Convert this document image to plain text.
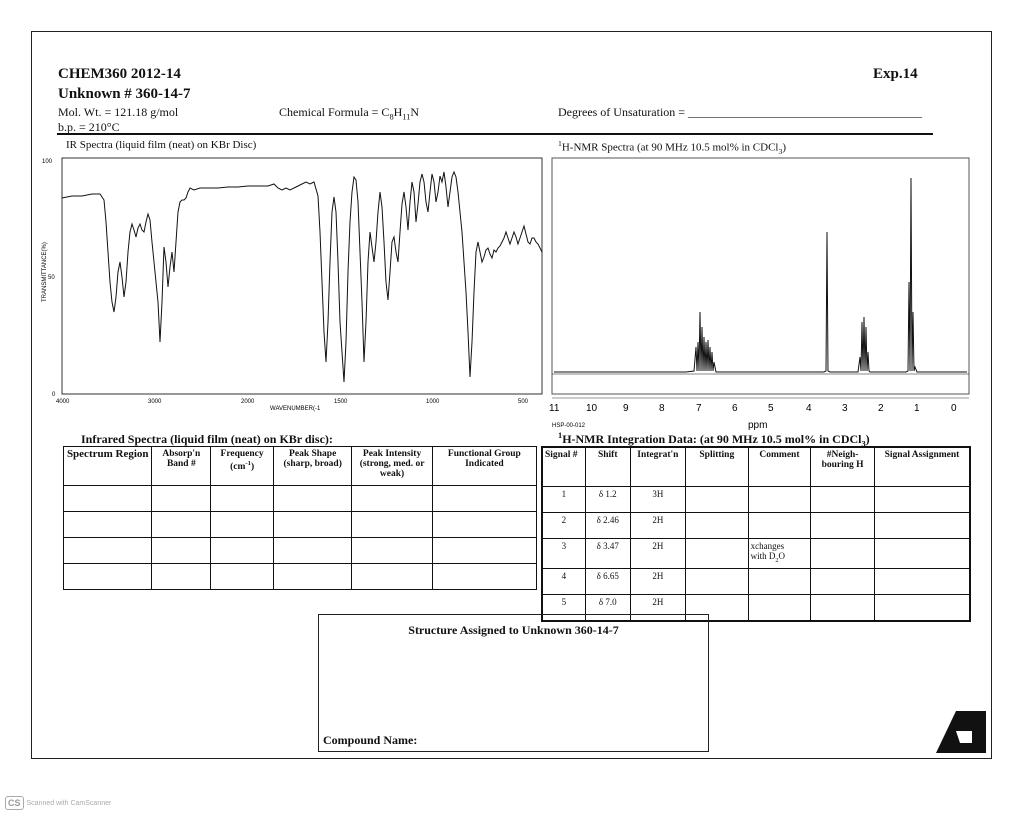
CHEM360 2012-14	Exp.14
Unknown # 360-14-7
Mol. Wt. = 121.18 g/mol	Chemical Formula = $C_8H_{11}N$	Degrees of Unsaturation = _______________________________________
b.p. = 210°C
IR Spectra (liquid film (neat) on KBr Disc)	$^1$H-NMR Spectra (at 90 MHz 10.5 mol% in CDCl$_3$)
100
50
0
TRANSMITTANCE(%)
4000	3000	2000	1500	1000	500
WAVENUMBER(-1	11	10	9	8	7	6	5	4	3	2	1	0
HSP-00-012	ppm
Infrared Spectra (liquid film (neat) on KBr disc):	$^1$H-NMR Integration Data: (at 90 MHz 10.5 mol% in CDCl$_3$)
Spectrum Region	Absorp'n Band #	Frequency $(cm^{-1})$	Peak Shape (sharp, broad)	Peak Intensity (strong, med. or weak)	Functional Group Indicated

Signal #	Shift	Integrat'n	Splitting	Comment	#Neigh-bouring H	Signal Assignment
1	δ 1.2	3H				
2	δ 2.46	2H				
3	δ 3.47	2H		xchanges
with $D_2O$		
4	δ 6.65	2H				
5	δ 7.0	2H				
Structure Assigned to Unknown 360-14-7
Compound Name:
CS Scanned with CamScanner
